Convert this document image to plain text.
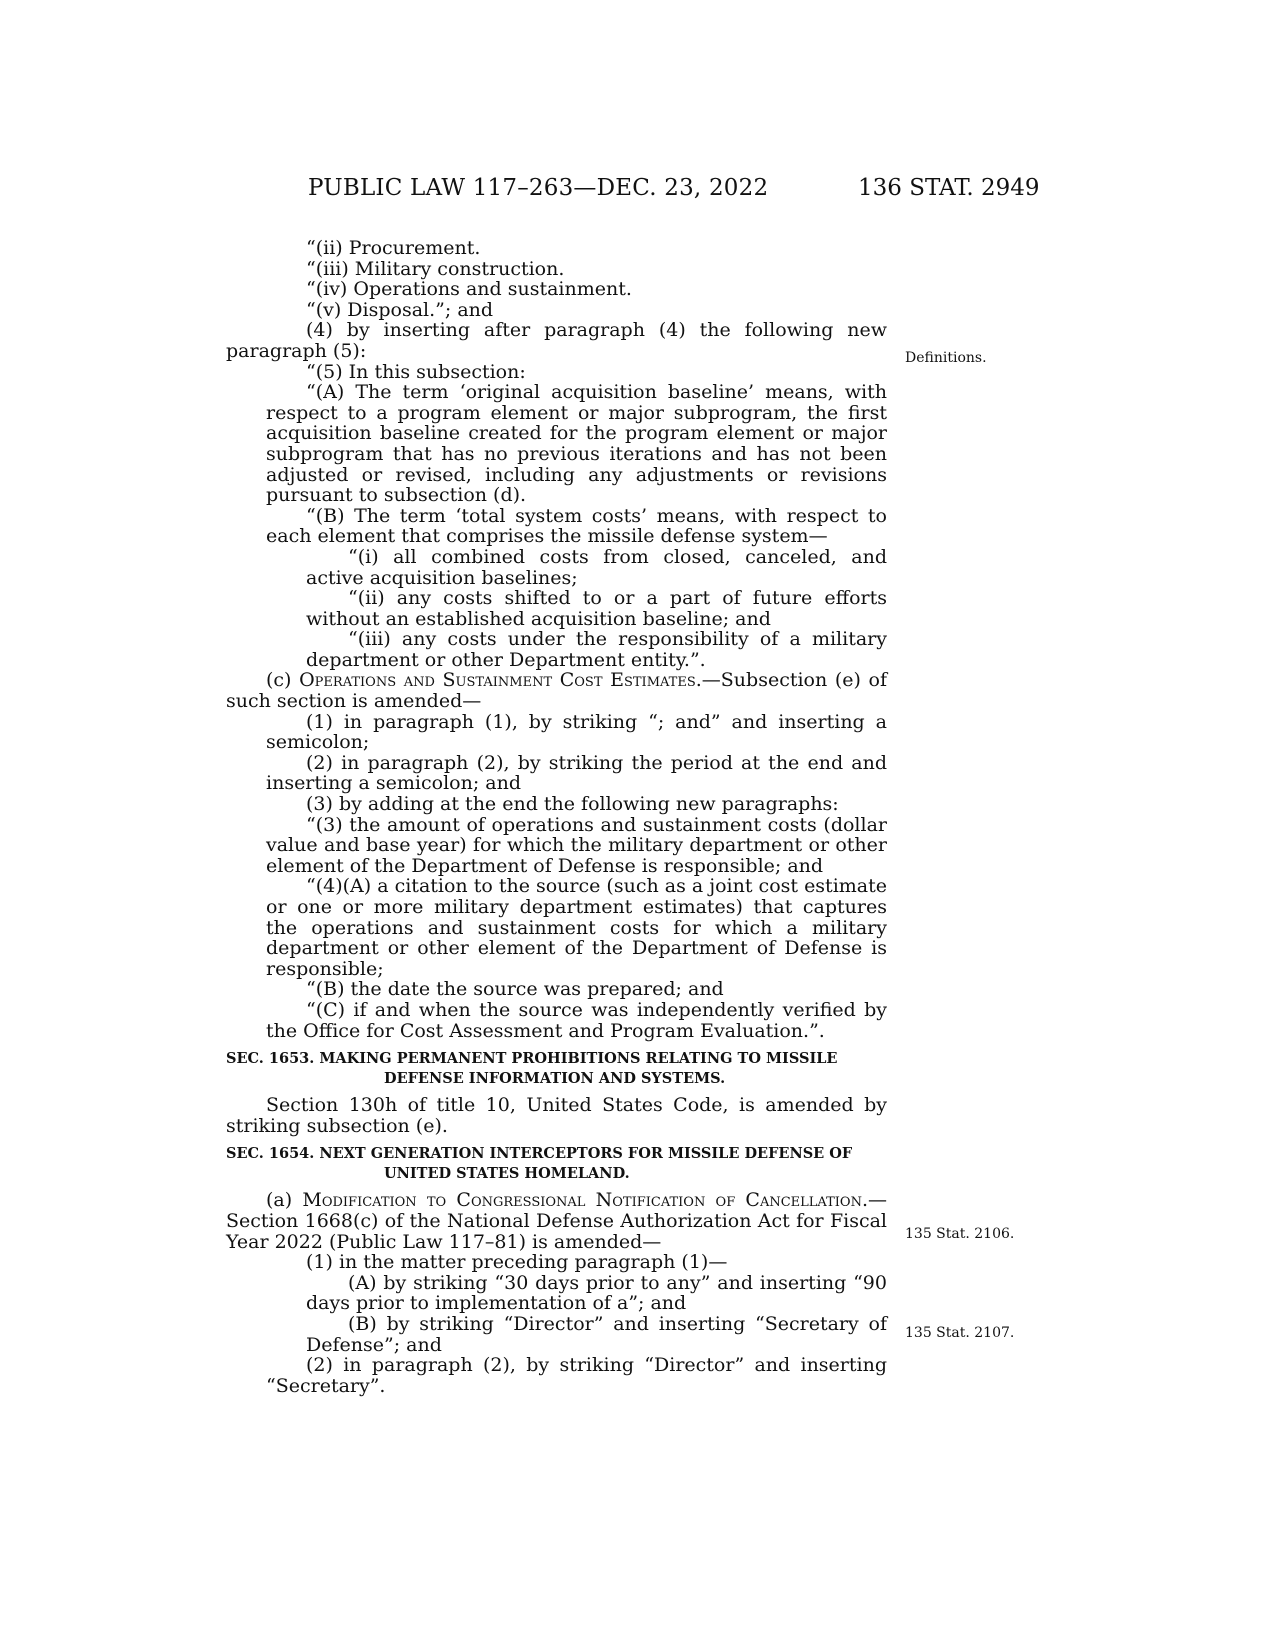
PUBLIC LAW 117–263—DEC. 23, 2022	136 STAT. 2949
Definitions.
135 Stat. 2106.
135 Stat. 2107.

“(ii) Procurement.

“(iii) Military construction.

“(iv) Operations and sustainment.

“(v) Disposal.”; and

(4) by inserting after paragraph (4) the following new paragraph (5):

“(5) In this subsection:

“(A) The term ‘original acquisition baseline’ means, with respect to a program element or major subprogram, the first acquisition baseline created for the program element or major subprogram that has no previous iterations and has not been adjusted or revised, including any adjustments or revisions pursuant to subsection (d).

“(B) The term ‘total system costs’ means, with respect to each element that comprises the missile defense system—

“(i) all combined costs from closed, canceled, and active acquisition baselines;

“(ii) any costs shifted to or a part of future efforts without an established acquisition baseline; and

“(iii) any costs under the responsibility of a military department or other Department entity.”.

(c) Operations and Sustainment Cost Estimates.—Subsection (e) of such section is amended—

(1) in paragraph (1), by striking “; and” and inserting a semicolon;

(2) in paragraph (2), by striking the period at the end and inserting a semicolon; and

(3) by adding at the end the following new paragraphs:

“(3) the amount of operations and sustainment costs (dollar value and base year) for which the military department or other element of the Department of Defense is responsible; and

“(4)(A) a citation to the source (such as a joint cost estimate or one or more military department estimates) that captures the operations and sustainment costs for which a military department or other element of the Department of Defense is responsible;

“(B) the date the source was prepared; and

“(C) if and when the source was independently verified by the Office for Cost Assessment and Program Evaluation.”.

SEC. 1653. MAKING PERMANENT PROHIBITIONS RELATING TO MISSILE DEFENSE INFORMATION AND SYSTEMS.

Section 130h of title 10, United States Code, is amended by striking subsection (e).

SEC. 1654. NEXT GENERATION INTERCEPTORS FOR MISSILE DEFENSE OF UNITED STATES HOMELAND.

(a) Modification to Congressional Notification of Cancellation.—Section 1668(c) of the National Defense Authorization Act for Fiscal Year 2022 (Public Law 117–81) is amended—

(1) in the matter preceding paragraph (1)—

(A) by striking “30 days prior to any” and inserting “90 days prior to implementation of a”; and

(B) by striking “Director” and inserting “Secretary of Defense”; and

(2) in paragraph (2), by striking “Director” and inserting “Secretary”.
